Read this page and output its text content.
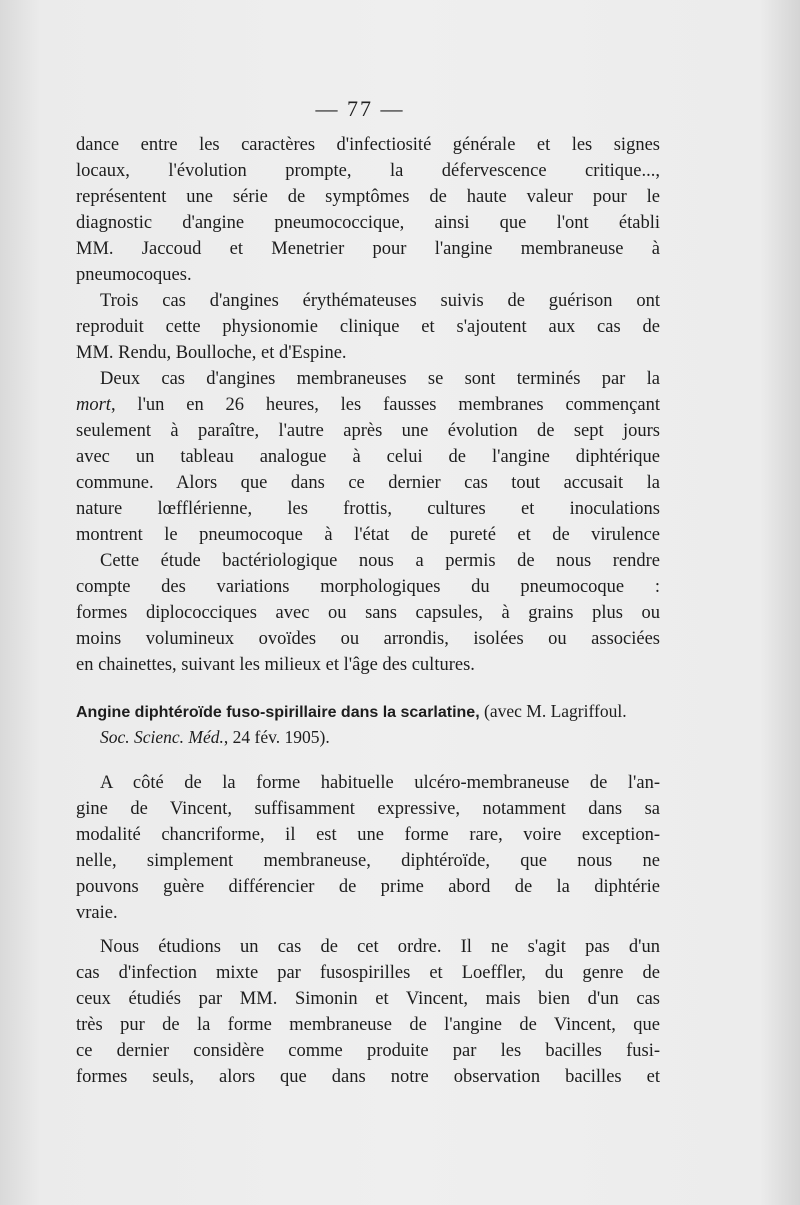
— 77 —
dance entre les caractères d'infectiosité générale et les signes
locaux, l'évolution prompte, la défervescence critique...,
représentent une série de symptômes de haute valeur pour le
diagnostic d'angine pneumococcique, ainsi que l'ont établi
MM. Jaccoud et Menetrier pour l'angine membraneuse à
pneumocoques.
Trois cas d'angines érythémateuses suivis de guérison ont
reproduit cette physionomie clinique et s'ajoutent aux cas de
MM. Rendu, Boulloche, et d'Espine.
Deux cas d'angines membraneuses se sont terminés par la
mort, l'un en 26 heures, les fausses membranes commençant
seulement à paraître, l'autre après une évolution de sept jours
avec un tableau analogue à celui de l'angine diphtérique
commune. Alors que dans ce dernier cas tout accusait la
nature lœfflérienne, les frottis, cultures et inoculations
montrent le pneumocoque à l'état de pureté et de virulence
Cette étude bactériologique nous a permis de nous rendre
compte des variations morphologiques du pneumocoque :
formes diplococciques avec ou sans capsules, à grains plus ou
moins volumineux ovoïdes ou arrondis, isolées ou associées
en chainettes, suivant les milieux et l'âge des cultures.
Angine diphtéroïde fuso-spirillaire dans la scarlatine, (avec M. Lagriffoul.
Soc. Scienc. Méd., 24 fév. 1905).
A côté de la forme habituelle ulcéro-membraneuse de l'an-
gine de Vincent, suffisamment expressive, notamment dans sa
modalité chancriforme, il est une forme rare, voire exception-
nelle, simplement membraneuse, diphtéroïde, que nous ne
pouvons guère différencier de prime abord de la diphtérie
vraie.
Nous étudions un cas de cet ordre. Il ne s'agit pas d'un
cas d'infection mixte par fusospirilles et Loeffler, du genre de
ceux étudiés par MM. Simonin et Vincent, mais bien d'un cas
très pur de la forme membraneuse de l'angine de Vincent, que
ce dernier considère comme produite par les bacilles fusi-
formes seuls, alors que dans notre observation bacilles et
